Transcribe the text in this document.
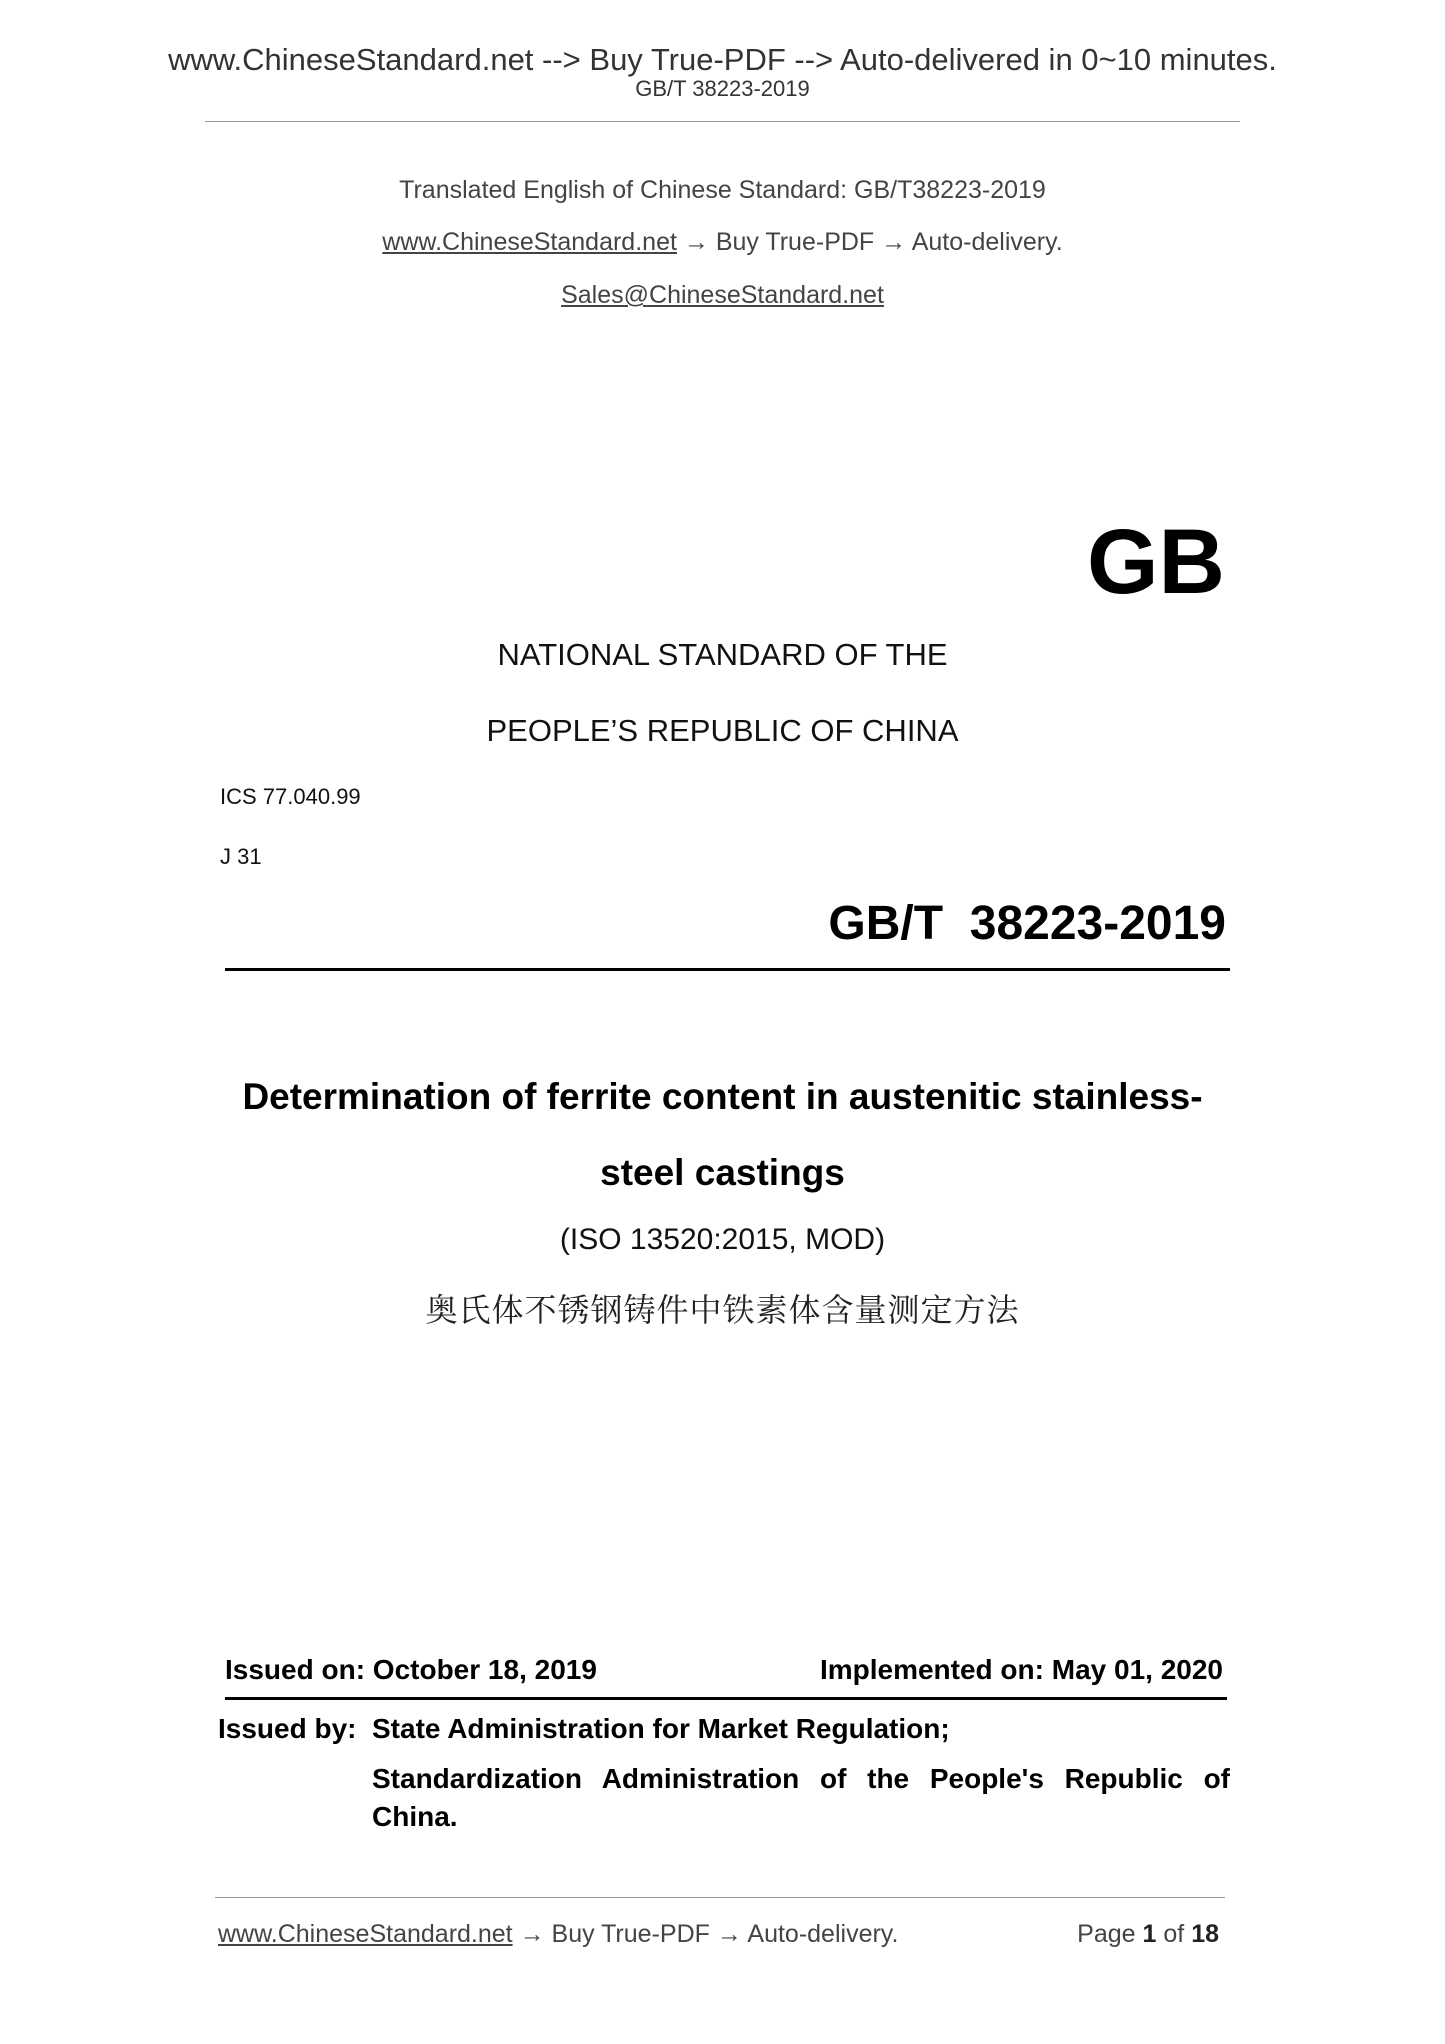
www.ChineseStandard.net --> Buy True-PDF --> Auto-delivered in 0~10 minutes.
GB/T 38223-2019
Translated English of Chinese Standard: GB/T38223-2019
www.ChineseStandard.net → Buy True-PDF → Auto-delivery.
Sales@ChineseStandard.net
GB
NATIONAL STANDARD OF THE
PEOPLE’S REPUBLIC OF CHINA
ICS 77.040.99
J 31
GB/T  38223-2019
Determination of ferrite content in austenitic stainless-
steel castings
(ISO 13520:2015, MOD)
奥氏体不锈钢铸件中铁素体含量测定方法
Issued on: October 18, 2019	Implemented on: May 01, 2020
Issued by: State Administration for Market Regulation;
Standardization Administration of the People's Republic of China.
www.ChineseStandard.net → Buy True-PDF → Auto-delivery.	Page 1 of 18
